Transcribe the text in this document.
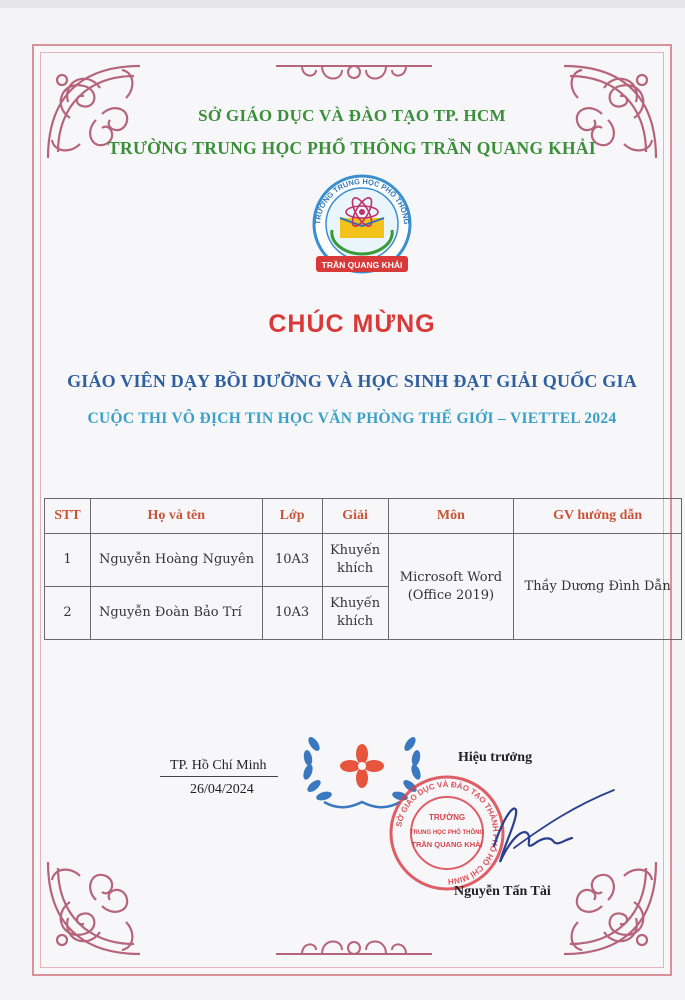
SỞ GIÁO DỤC VÀ ĐÀO TẠO TP. HCM
TRƯỜNG TRUNG HỌC PHỔ THÔNG TRẦN QUANG KHẢI
TRƯỜNG TRUNG HỌC PHỔ THÔNG
TRẦN QUANG KHẢI
CHÚC MỪNG
GIÁO VIÊN DẠY BỒI DƯỠNG VÀ HỌC SINH ĐẠT GIẢI QUỐC GIA
CUỘC THI VÔ ĐỊCH TIN HỌC VĂN PHÒNG THẾ GIỚI – VIETTEL 2024
STT	Họ và tên	Lớp	Giải	Môn	GV hướng dẫn
1	Nguyễn Hoàng Nguyên	10A3	Khuyến khích	Microsoft Word (Office 2019)	Thầy Dương Đình Dẫn
2	Nguyễn Đoàn Bảo Trí	10A3	Khuyến khích		
TP. Hồ Chí Minh
26/04/2024
Hiệu trưởng
SỞ GIÁO DỤC VÀ ĐÀO TẠO THÀNH PHỐ HỒ CHÍ MINH
TRƯỜNG
TRUNG HỌC PHỔ THÔNG
TRẦN QUANG KHẢI
Nguyễn Tấn Tài
